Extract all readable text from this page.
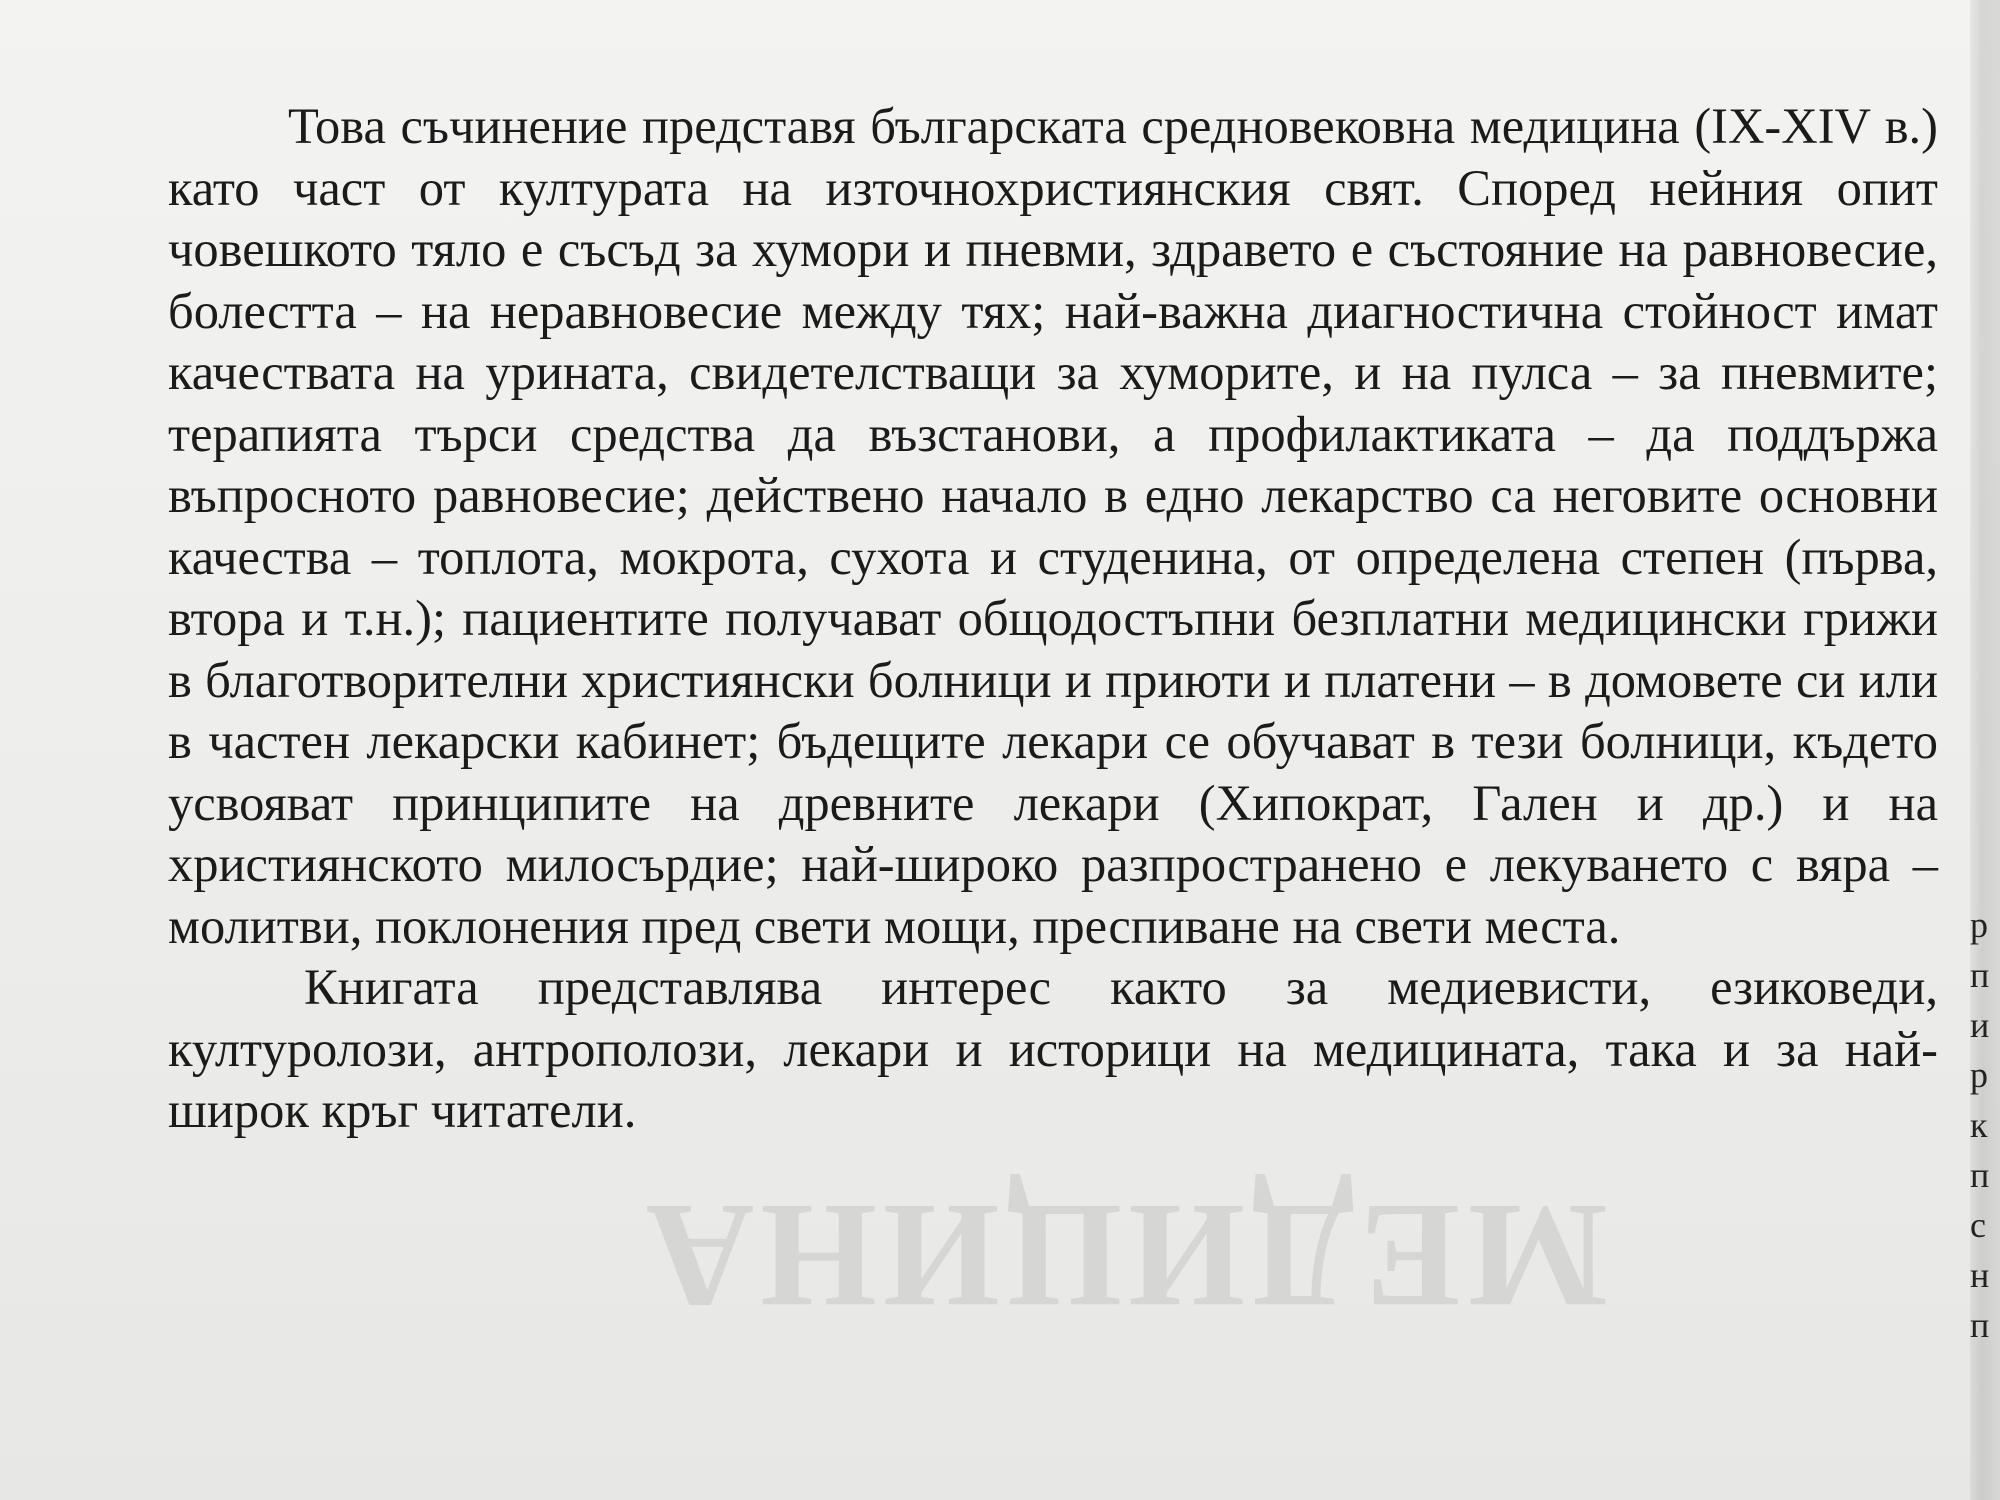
МЕДИЦИНА

Това съчинение представя българската средновековна медицина (IX-XIV в.) като част от културата на източнохристиянския свят. Според нейния опит човешкото тяло е съсъд за хумори и пневми, здравето е състояние на равновесие, болестта – на неравновесие между тях; най-важна диагностична стойност имат качествата на урината, свидетелстващи за хуморите, и на пулса – за пневмите; терапията търси средства да възстанови, а профилактиката – да поддържа въпросното равновесие; действено начало в едно лекарство са неговите основни качества – топлота, мокрота, сухота и студенина, от определена степен (първа, втора и т.н.); пациентите получават общодостъпни безплатни медицински грижи в благотворителни християнски болници и приюти и платени – в домовете си или в частен лекарски кабинет; бъдещите лекари се обучават в тези болници, където усвояват принципите на древните лекари (Хипократ, Гален и др.) и на християнското милосърдие; най-широко разпространено е лекуването с вяра – молитви, поклонения пред свети мощи, преспиване на свети места.

Книгата представлява интерес както за медиевисти, езиковеди, културолози, антрополози, лекари и историци на медицината, така и за най-широк кръг читатели.

р
п
и
р
к
п
с
н
п
